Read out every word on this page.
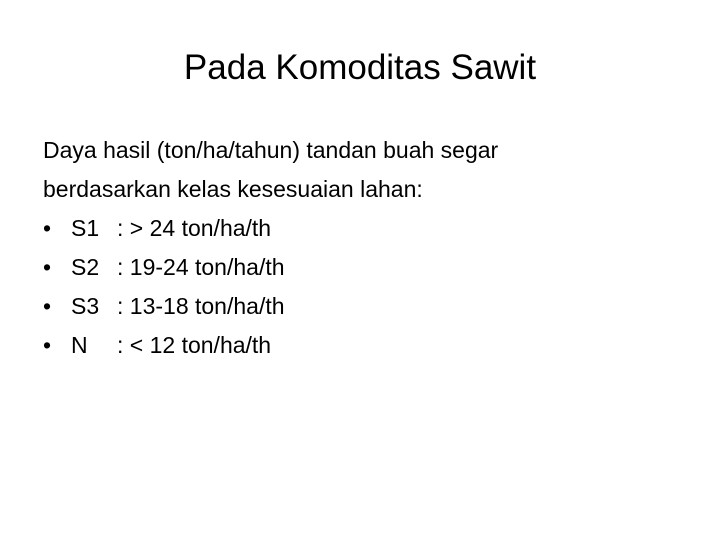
Pada Komoditas Sawit
Daya hasil (ton/ha/tahun) tandan buah segar
berdasarkan kelas kesesuaian lahan:
• S1 : > 24 ton/ha/th
• S2 : 19-24 ton/ha/th
• S3 : 13-18 ton/ha/th
• N	: < 12 ton/ha/th
